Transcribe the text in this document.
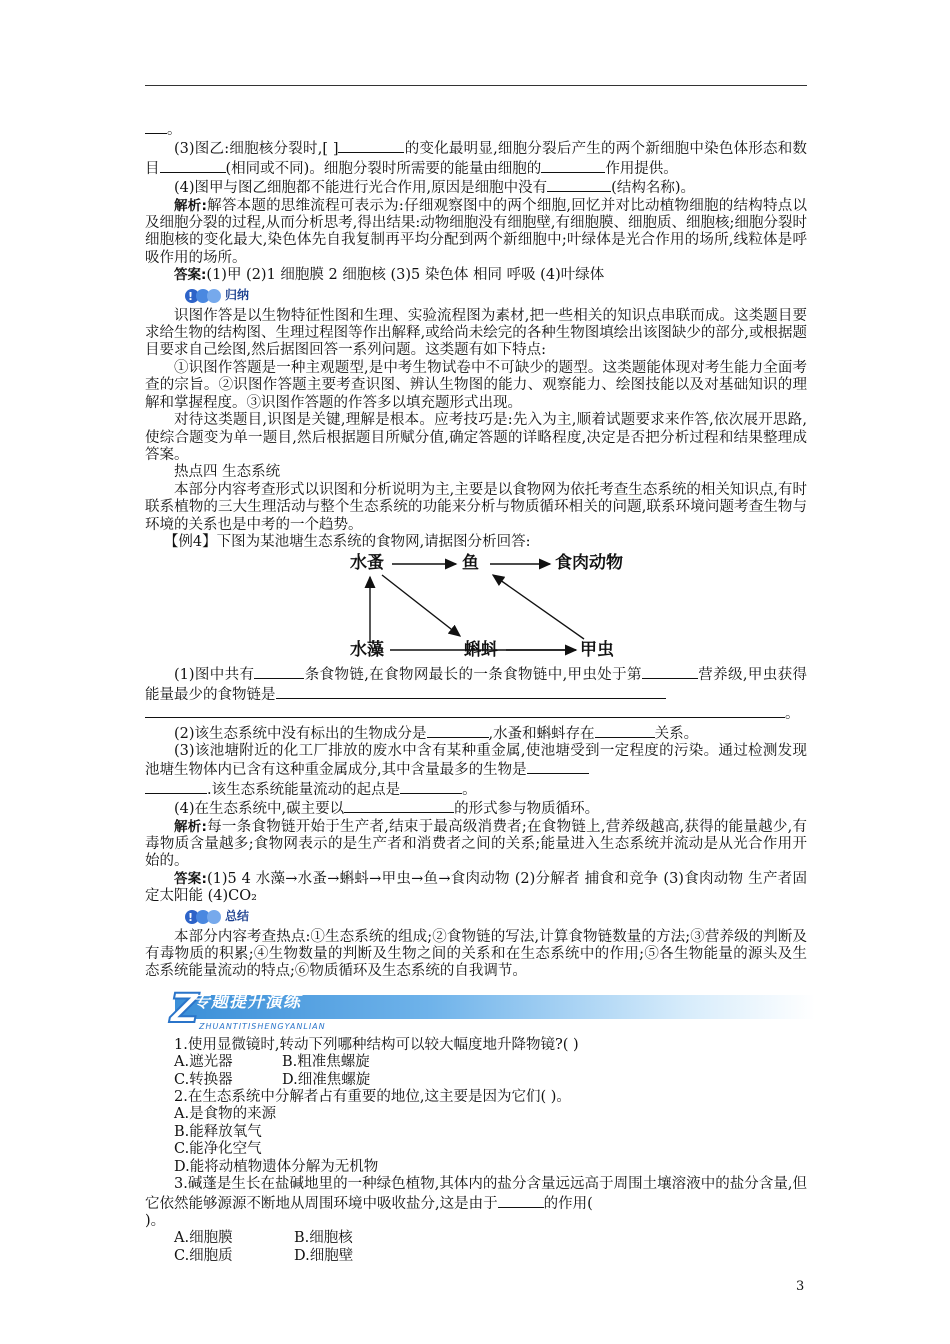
。

(3)图乙:细胞核分裂时,[ ]	的变化最明显,细胞分裂后产生的两个新细胞中染色体形态和数目	(相同或不同)。细胞分裂时所需要的能量由细胞的	作用提供。

(4)图甲与图乙细胞都不能进行光合作用,原因是细胞中没有	(结构名称)。

解析:解答本题的思维流程可表示为:仔细观察图中的两个细胞,回忆并对比动植物细胞的结构特点以及细胞分裂的过程,从而分析思考,得出结果:动物细胞没有细胞壁,有细胞膜、细胞质、细胞核;细胞分裂时细胞核的变化最大,染色体先自我复制再平均分配到两个新细胞中;叶绿体是光合作用的场所,线粒体是呼吸作用的场所。

答案:(1)甲 (2)1 细胞膜 2 细胞核 (3)5 染色体 相同 呼吸 (4)叶绿体

!	归纳

识图作答是以生物特征性图和生理、实验流程图为素材,把一些相关的知识点串联而成。这类题目要求给生物的结构图、生理过程图等作出解释,或给尚未绘完的各种生物图填绘出该图缺少的部分,或根据题目要求自己绘图,然后据图回答一系列问题。这类题有如下特点:

①识图作答题是一种主观题型,是中考生物试卷中不可缺少的题型。这类题能体现对考生能力全面考查的宗旨。②识图作答题主要考查识图、辨认生物图的能力、观察能力、绘图技能以及对基础知识的理解和掌握程度。③识图作答题的作答多以填充题形式出现。

对待这类题目,识图是关键,理解是根本。应考技巧是:先入为主,顺着试题要求来作答,依次展开思路,使综合题变为单一题目,然后根据题目所赋分值,确定答题的详略程度,决定是否把分析过程和结果整理成答案。

热点四 生态系统

本部分内容考查形式以识图和分析说明为主,主要是以食物网为依托考查生态系统的相关知识点,有时联系植物的三大生理活动与整个生态系统的功能来分析与物质循环相关的问题,联系环境问题考查生物与环境的关系也是中考的一个趋势。

【例4】下图为某池塘生态系统的食物网,请据图分析回答:

水蚤	鱼	食肉动物
水藻	蝌蚪	甲虫

(1)图中共有	条食物链,在食物网最长的一条食物链中,甲虫处于第	营养级,甲虫获得能量最少的食物链是
。

(2)该生态系统中没有标出的生物成分是	,水蚤和蝌蚪存在	关系。

(3)该池塘附近的化工厂排放的废水中含有某种重金属,使池塘受到一定程度的污染。通过检测发现池塘生物体内已含有这种重金属成分,其中含量最多的生物是
.该生态系统能量流动的起点是	。

(4)在生态系统中,碳主要以	的形式参与物质循环。

解析:每一条食物链开始于生产者,结束于最高级消费者;在食物链上,营养级越高,获得的能量越少,有毒物质含量越多;食物网表示的是生产者和消费者之间的关系;能量进入生态系统并流动是从光合作用开始的。

答案:(1)5 4 水藻→水蚤→蝌蚪→甲虫→鱼→食肉动物 (2)分解者 捕食和竞争 (3)食肉动物 生产者固定太阳能 (4)CO₂

!	总结

本部分内容考查热点:①生态系统的组成;②食物链的写法,计算食物链数量的方法;③营养级的判断及有毒物质的积累;④生物数量的判断及生物之间的关系和在生态系统中的作用;⑤各生物能量的源头及生态系统能量流动的特点;⑥物质循环及生态系统的自我调节。

Z
专题提升演练
ZHUANTITISHENGYANLIAN

1.使用显微镜时,转动下列哪种结构可以较大幅度地升降物镜?( )

A.遮光器	B.粗准焦螺旋
C.转换器	D.细准焦螺旋

2.在生态系统中分解者占有重要的地位,这主要是因为它们( )。

A.是食物的来源
B.能释放氧气
C.能净化空气
D.能将动植物遗体分解为无机物

3.碱蓬是生长在盐碱地里的一种绿色植物,其体内的盐分含量远远高于周围土壤溶液中的盐分含量,但它依然能够源源不断地从周围环境中吸收盐分,这是由于	的作用(
)。

A.细胞膜	B.细胞核
C.细胞质	D.细胞壁
3
